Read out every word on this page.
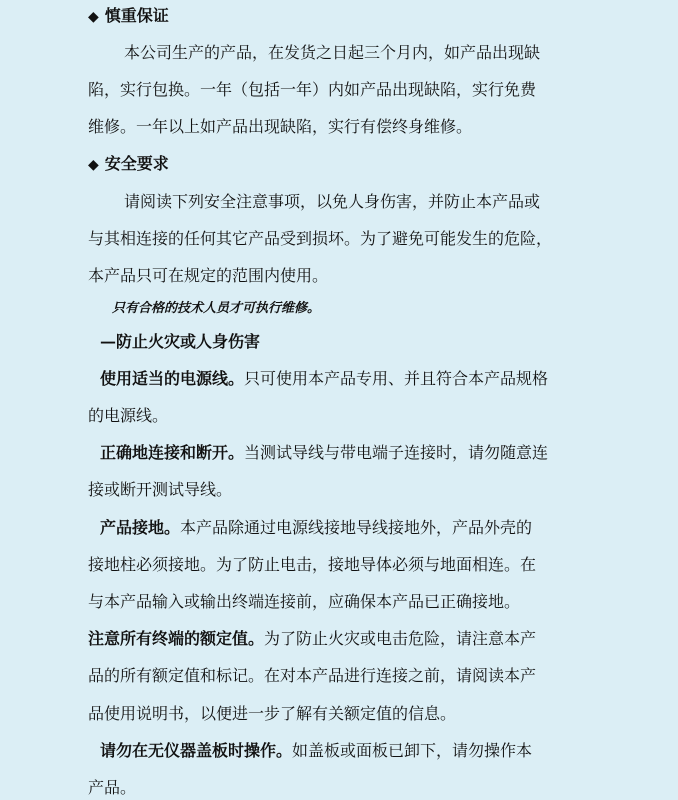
◆ 慎重保证
本公司生产的产品，在发货之日起三个月内，如产品出现缺
陷，实行包换。一年（包括一年）内如产品出现缺陷，实行免费
维修。一年以上如产品出现缺陷，实行有偿终身维修。
◆ 安全要求
请阅读下列安全注意事项，以免人身伤害，并防止本产品或
与其相连接的任何其它产品受到损坏。为了避免可能发生的危险，
本产品只可在规定的范围内使用。
只有合格的技术人员才可执行维修。
—防止火灾或人身伤害
使用适当的电源线。只可使用本产品专用、并且符合本产品规格
的电源线。
正确地连接和断开。当测试导线与带电端子连接时，请勿随意连
接或断开测试导线。
产品接地。本产品除通过电源线接地导线接地外，产品外壳的
接地柱必须接地。为了防止电击，接地导体必须与地面相连。在
与本产品输入或输出终端连接前，应确保本产品已正确接地。
注意所有终端的额定值。为了防止火灾或电击危险，请注意本产
品的所有额定值和标记。在对本产品进行连接之前，请阅读本产
品使用说明书，以便进一步了解有关额定值的信息。
请勿在无仪器盖板时操作。如盖板或面板已卸下，请勿操作本
产品。
